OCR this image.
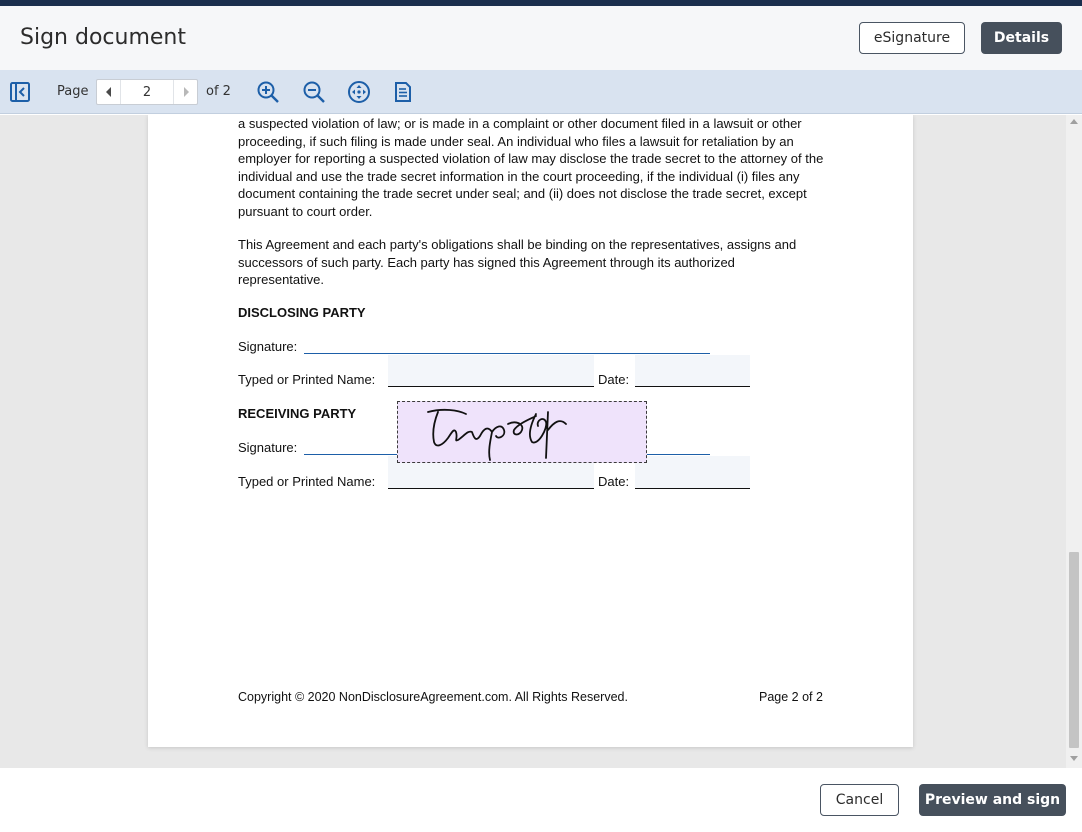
Sign document	eSignature	Details
Page
2	of 2

a suspected violation of law; or is made in a complaint or other document filed in a lawsuit or other proceeding, if such filing is made under seal. An individual who files a lawsuit for retaliation by an employer for reporting a suspected violation of law may disclose the trade secret to the attorney of the individual and use the trade secret information in the court proceeding, if the individual (i) files any document containing the trade secret under seal; and (ii) does not disclose the trade secret, except pursuant to court order.

This Agreement and each party's obligations shall be binding on the representatives, assigns and successors of such party. Each party has signed this Agreement through its authorized representative.

DISCLOSING PARTY
Signature:
Typed or Printed Name:	Date:
RECEIVING PARTY
Signature:
Typed or Printed Name:	Date:
Copyright © 2020 NonDisclosureAgreement.com. All Rights Reserved.	Page 2 of 2
Cancel	Preview and sign
